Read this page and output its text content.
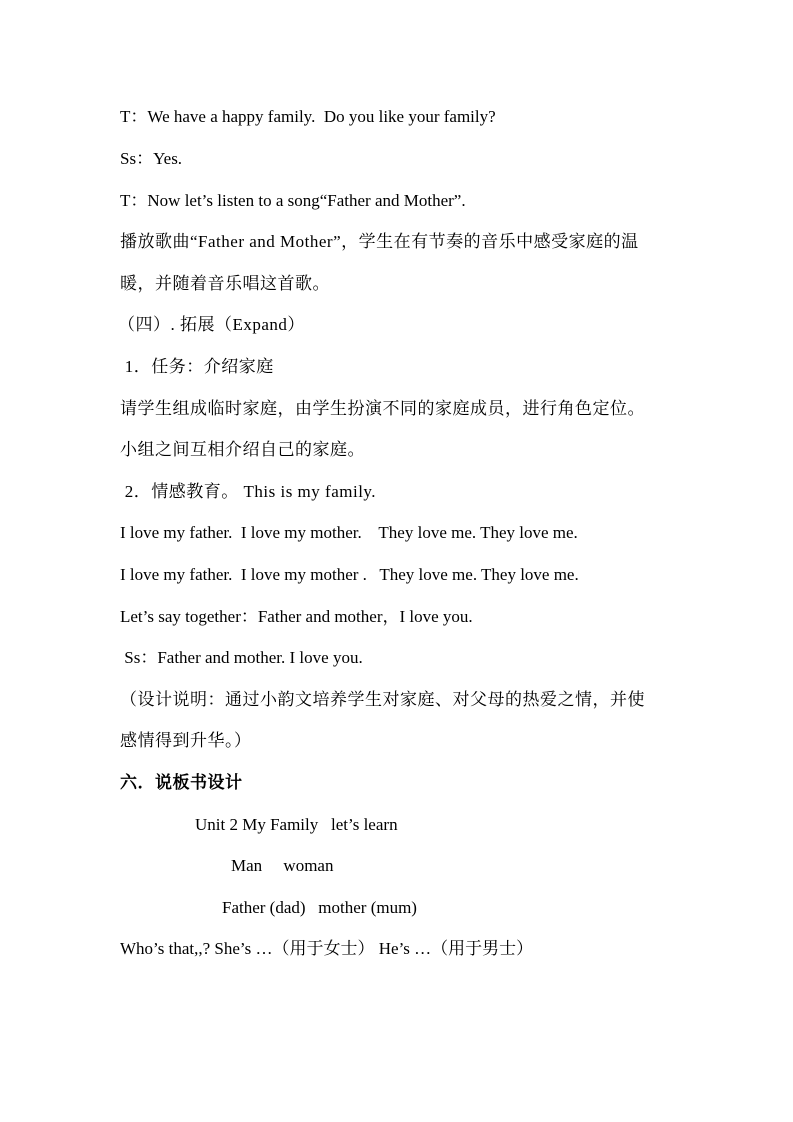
T：We have a happy family.  Do you like your family?
Ss：Yes.
T：Now let’s listen to a song“Father and Mother”.
播放歌曲“Father and Mother”，学生在有节奏的音乐中感受家庭的温
暖，并随着音乐唱这首歌。
（四）. 拓展（Expand）
1．任务：介绍家庭
请学生组成临时家庭，由学生扮演不同的家庭成员，进行角色定位。
小组之间互相介绍自己的家庭。
2．情感教育。 This is my family.
I love my father.  I love my mother.    They love me. They love me.
I love my father.  I love my mother .   They love me. They love me.
Let’s say together：Father and mother，I love you.
Ss：Father and mother. I love you.
（设计说明：通过小韵文培养学生对家庭、对父母的热爱之情，并使
感情得到升华。）
六．说板书设计
Unit 2 My Family   let’s learn
Man     woman
Father (dad)   mother (mum)
Who’s that,,? She’s …（用于女士） He’s …（用于男士）
